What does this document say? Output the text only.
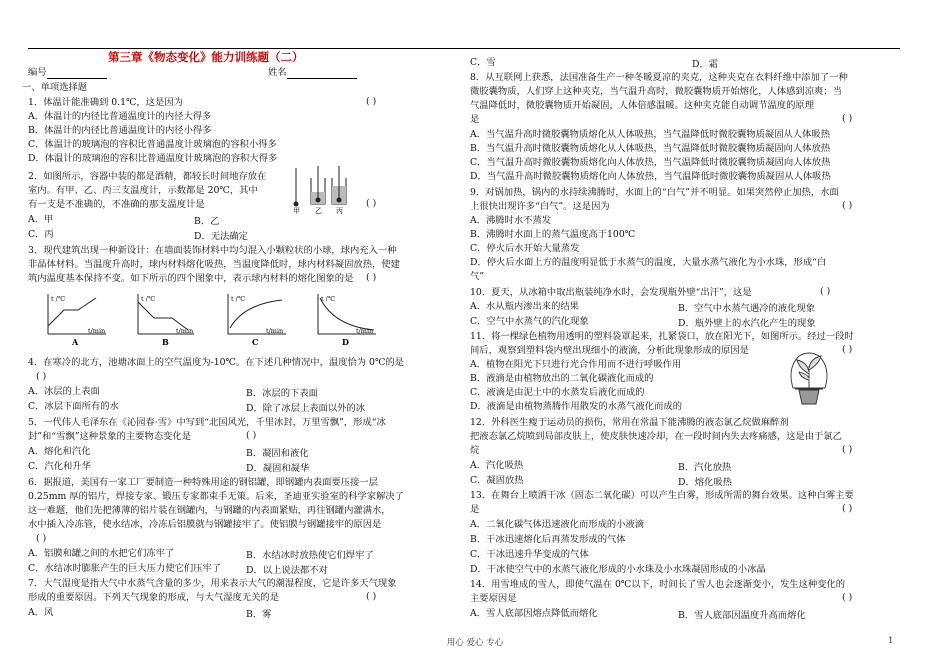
第三章《物态变化》能力训练题（二）
编号	姓名
一、单项选择题
1．体温计能准确到 0.1℃，这是因为	( )
A．体温计的内径比普通温度计的内径大得多
B．体温计的内径比普通温度计的内径小得多
C．体温计的玻璃泡的容积比普通温度计玻璃泡的容积小得多
D．体温计的玻璃泡的容积比普通温度计玻璃泡的容积大得多
2．如图所示，容器中装的都是酒精，都较长时间地存放在
室内。有甲、乙、丙三支温度计，示数都是 20℃，其中
有一支是不准确的，不准确的那支温度计是	( )
A．甲	B．乙
C．丙	D．无法确定
甲 乙 丙
3．现代建筑出现一种新设计：在墙面装饰材料中均匀混入小颗粒状的小球，球内充入一种
非晶体材料。当温度升高时，球内材料熔化吸热，当温度降低时，球内材料凝固放热，使建
筑内温度基本保持不变。如下所示的四个图象中，表示球内材料的熔化图象的是 ( )
t /℃	t /℃	t /℃	t /℃
t/min	t/min	t/min	t/min
A	B	C	D
4．在寒冷的北方，池塘冰面上的空气温度为-10℃。在下述几种情况中，温度恰为 0℃的是
( )
A．冰层的上表面	B．冰层的下表面
C．冰层下面所有的水	D．除了冰层上表面以外的冰
5．一代伟人毛泽东在《沁园春·雪》中写到“北国风光，千里冰封，万里雪飘”，形成“冰
封”和“雪飘”这种景象的主要物态变化是	( )
A．熔化和汽化	B．凝固和液化
C．汽化和升华	D．凝固和凝华
6．据报道，美国有一家工厂要制造一种特殊用途的钢铝罐，即钢罐内表面要压接一层
0.25mm 厚的铝片，焊接专家、锻压专家都束手无策。后来，圣迪亚实验室的科学家解决了
这一难题，他们先把薄薄的铝片装在钢罐内，与钢罐的内表面紧贴，再往钢罐内灌满水，
水中插入冷冻管，使水结冰，冷冻后铝膜就与钢罐接牢了。使铝膜与钢罐接牢的原因是
( )
A．铝膜和罐之间的水把它们冻牢了	B．水结冰时放热使它们焊牢了
C．水结冰时膨胀产生的巨大压力使它们压牢了	D．以上说法都不对
7．大气湿度是指大气中水蒸气含量的多少，用来表示大气的潮湿程度，它是许多天气现象
形成的重要原因。下列天气现象的形成，与大气湿度无关的是	( )
A．风	B．雾
C．雪	D．霜
8．从互联网上获悉，法国准备生产一种冬暖夏凉的夹克，这种夹克在衣料纤维中添加了一种
微胶囊物质，人们穿上这种夹克，当气温升高时，微胶囊物质开始熔化，人体感到凉爽；当
气温降低时，微胶囊物质开始凝固，人体倍感温暖。这种夹克能自动调节温度的原理
是	( )
A．当气温升高时微胶囊物质熔化从人体吸热，当气温降低时微胶囊物质凝固从人体吸热
B．当气温升高时微胶囊物质熔化从人体吸热，当气温降低时微胶囊物质凝固向人体放热
C．当气温升高时微胶囊物质熔化向人体放热，当气温降低时微胶囊物质凝固向人体放热
D．当气温升高时微胶囊物质熔化向人体放热，当气温降低时微胶囊物质凝固从人体吸热
9．对锅加热，锅内的水持续沸腾时，水面上的“白气”并不明显。如果突然停止加热，水面
上很快出现许多“白气”。这是因为	( )
A．沸腾时水不蒸发
B．沸腾时水面上的蒸气温度高于100℃
C．停火后水开始大量蒸发
D．停火后水面上方的温度明显低于水蒸气的温度，大量水蒸气液化为小水珠，形成“白
气”
10．夏天，从冰箱中取出瓶装纯净水时，会发现瓶外壁“出汗”，这是	( )
A．水从瓶内渗出来的结果	B．空气中水蒸气遇冷的液化现象
C．空气中水蒸气的汽化现象	D．瓶外壁上的水汽化产生的现象
11．将一棵绿色植物用透明的塑料袋罩起来，扎紧袋口，放在阳光下，如图所示。经过一段时
间后，观察到塑料袋内壁出现细小的液滴，分析此现象形成的原因是	( )
A．植物在阳光下只进行光合作用而不进行呼吸作用
B．液滴是由植物放出的二氧化碳液化而成的
C．液滴是由泥土中的水蒸发后液化而成的
D．液滴是由植物蒸腾作用散发的水蒸气液化而成的
12．外科医生瘦于运动员的损伤，常用在常温下能沸腾的液态氯乙烷做麻醉剂
把液态氯乙烷喷到局部皮肤上，使皮肤快速冷却，在一段时间内失去疼痛感，这是由于氯乙
烷	( )
A．汽化吸热	B．汽化放热
C．凝固放热	D．熔化吸热
13．在舞台上喷洒干冰（固态二氧化碳）可以产生白雾，形成所需的舞台效果。这种白雾主要
是	( )
A．二氧化碳气体迅速液化而形成的小液滴
B．干冰迅速熔化后再蒸发形成的气体
C．干冰迅速升华变成的气体
D．干冰使空气中的水蒸气液化形成的小水珠及小水珠凝固形成的小冰晶
14．用雪堆成的雪人，即使气温在 0℃以下，时间长了雪人也会逐渐变小，发生这种变化的
主要原因是	( )
A．雪人底部因熔点降低而熔化	B．雪人底部因温度升高而熔化
用心 爱心 专心	1
